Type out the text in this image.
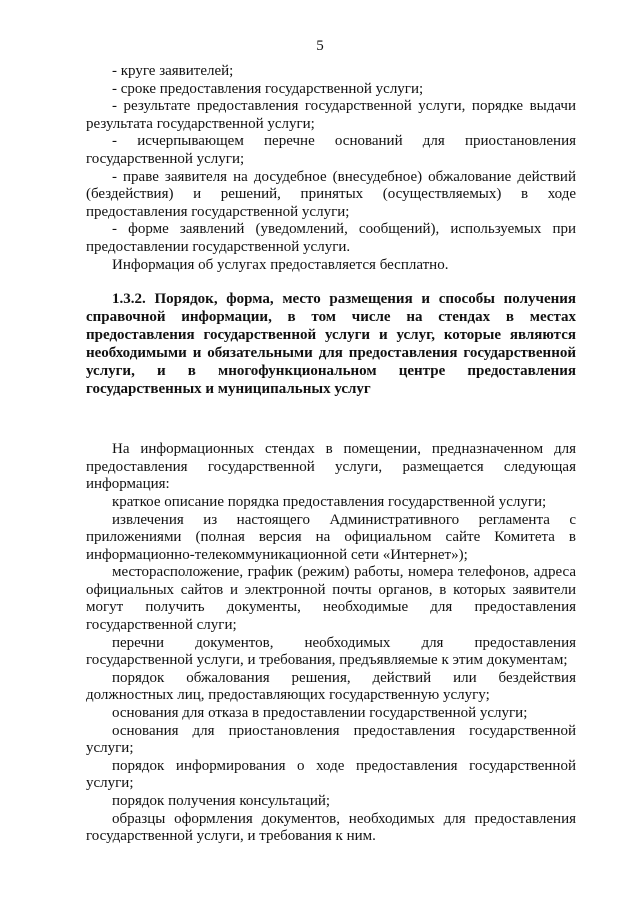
5

- круге заявителей;

- сроке предоставления государственной услуги;

- результате предоставления государственной услуги, порядке выдачи результата государственной услуги;

- исчерпывающем перечне оснований для приостановления государственной услуги;

- праве заявителя на досудебное (внесудебное) обжалование действий (бездействия) и решений, принятых (осуществляемых) в ходе предоставления государственной услуги;

- форме заявлений (уведомлений, сообщений), используемых при предоставлении государственной услуги.

Информация об услугах предоставляется бесплатно.

1.3.2. Порядок, форма, место размещения и способы получения справочной информации, в том числе на стендах в местах предоставления государственной услуги и услуг, которые являются необходимыми и обязательными для предоставления государственной услуги, и в многофункциональном центре предоставления государственных и муниципальных услуг

На информационных стендах в помещении, предназначенном для предоставления государственной услуги, размещается следующая информация:

краткое описание порядка предоставления государственной услуги;

извлечения из настоящего Административного регламента с приложениями (полная версия на официальном сайте Комитета в информационно-телекоммуникационной сети «Интернет»);

месторасположение, график (режим) работы, номера телефонов, адреса официальных сайтов и электронной почты органов, в которых заявители могут получить документы, необходимые для предоставления государственной слуги;

перечни документов, необходимых для предоставления государственной услуги, и требования, предъявляемые к этим документам;

порядок обжалования решения, действий или бездействия должностных лиц, предоставляющих государственную услугу;

основания для отказа в предоставлении государственной услуги;

основания для приостановления предоставления государственной услуги;

порядок информирования о ходе предоставления государственной услуги;

порядок получения консультаций;

образцы оформления документов, необходимых для предоставления государственной услуги, и требования к ним.
